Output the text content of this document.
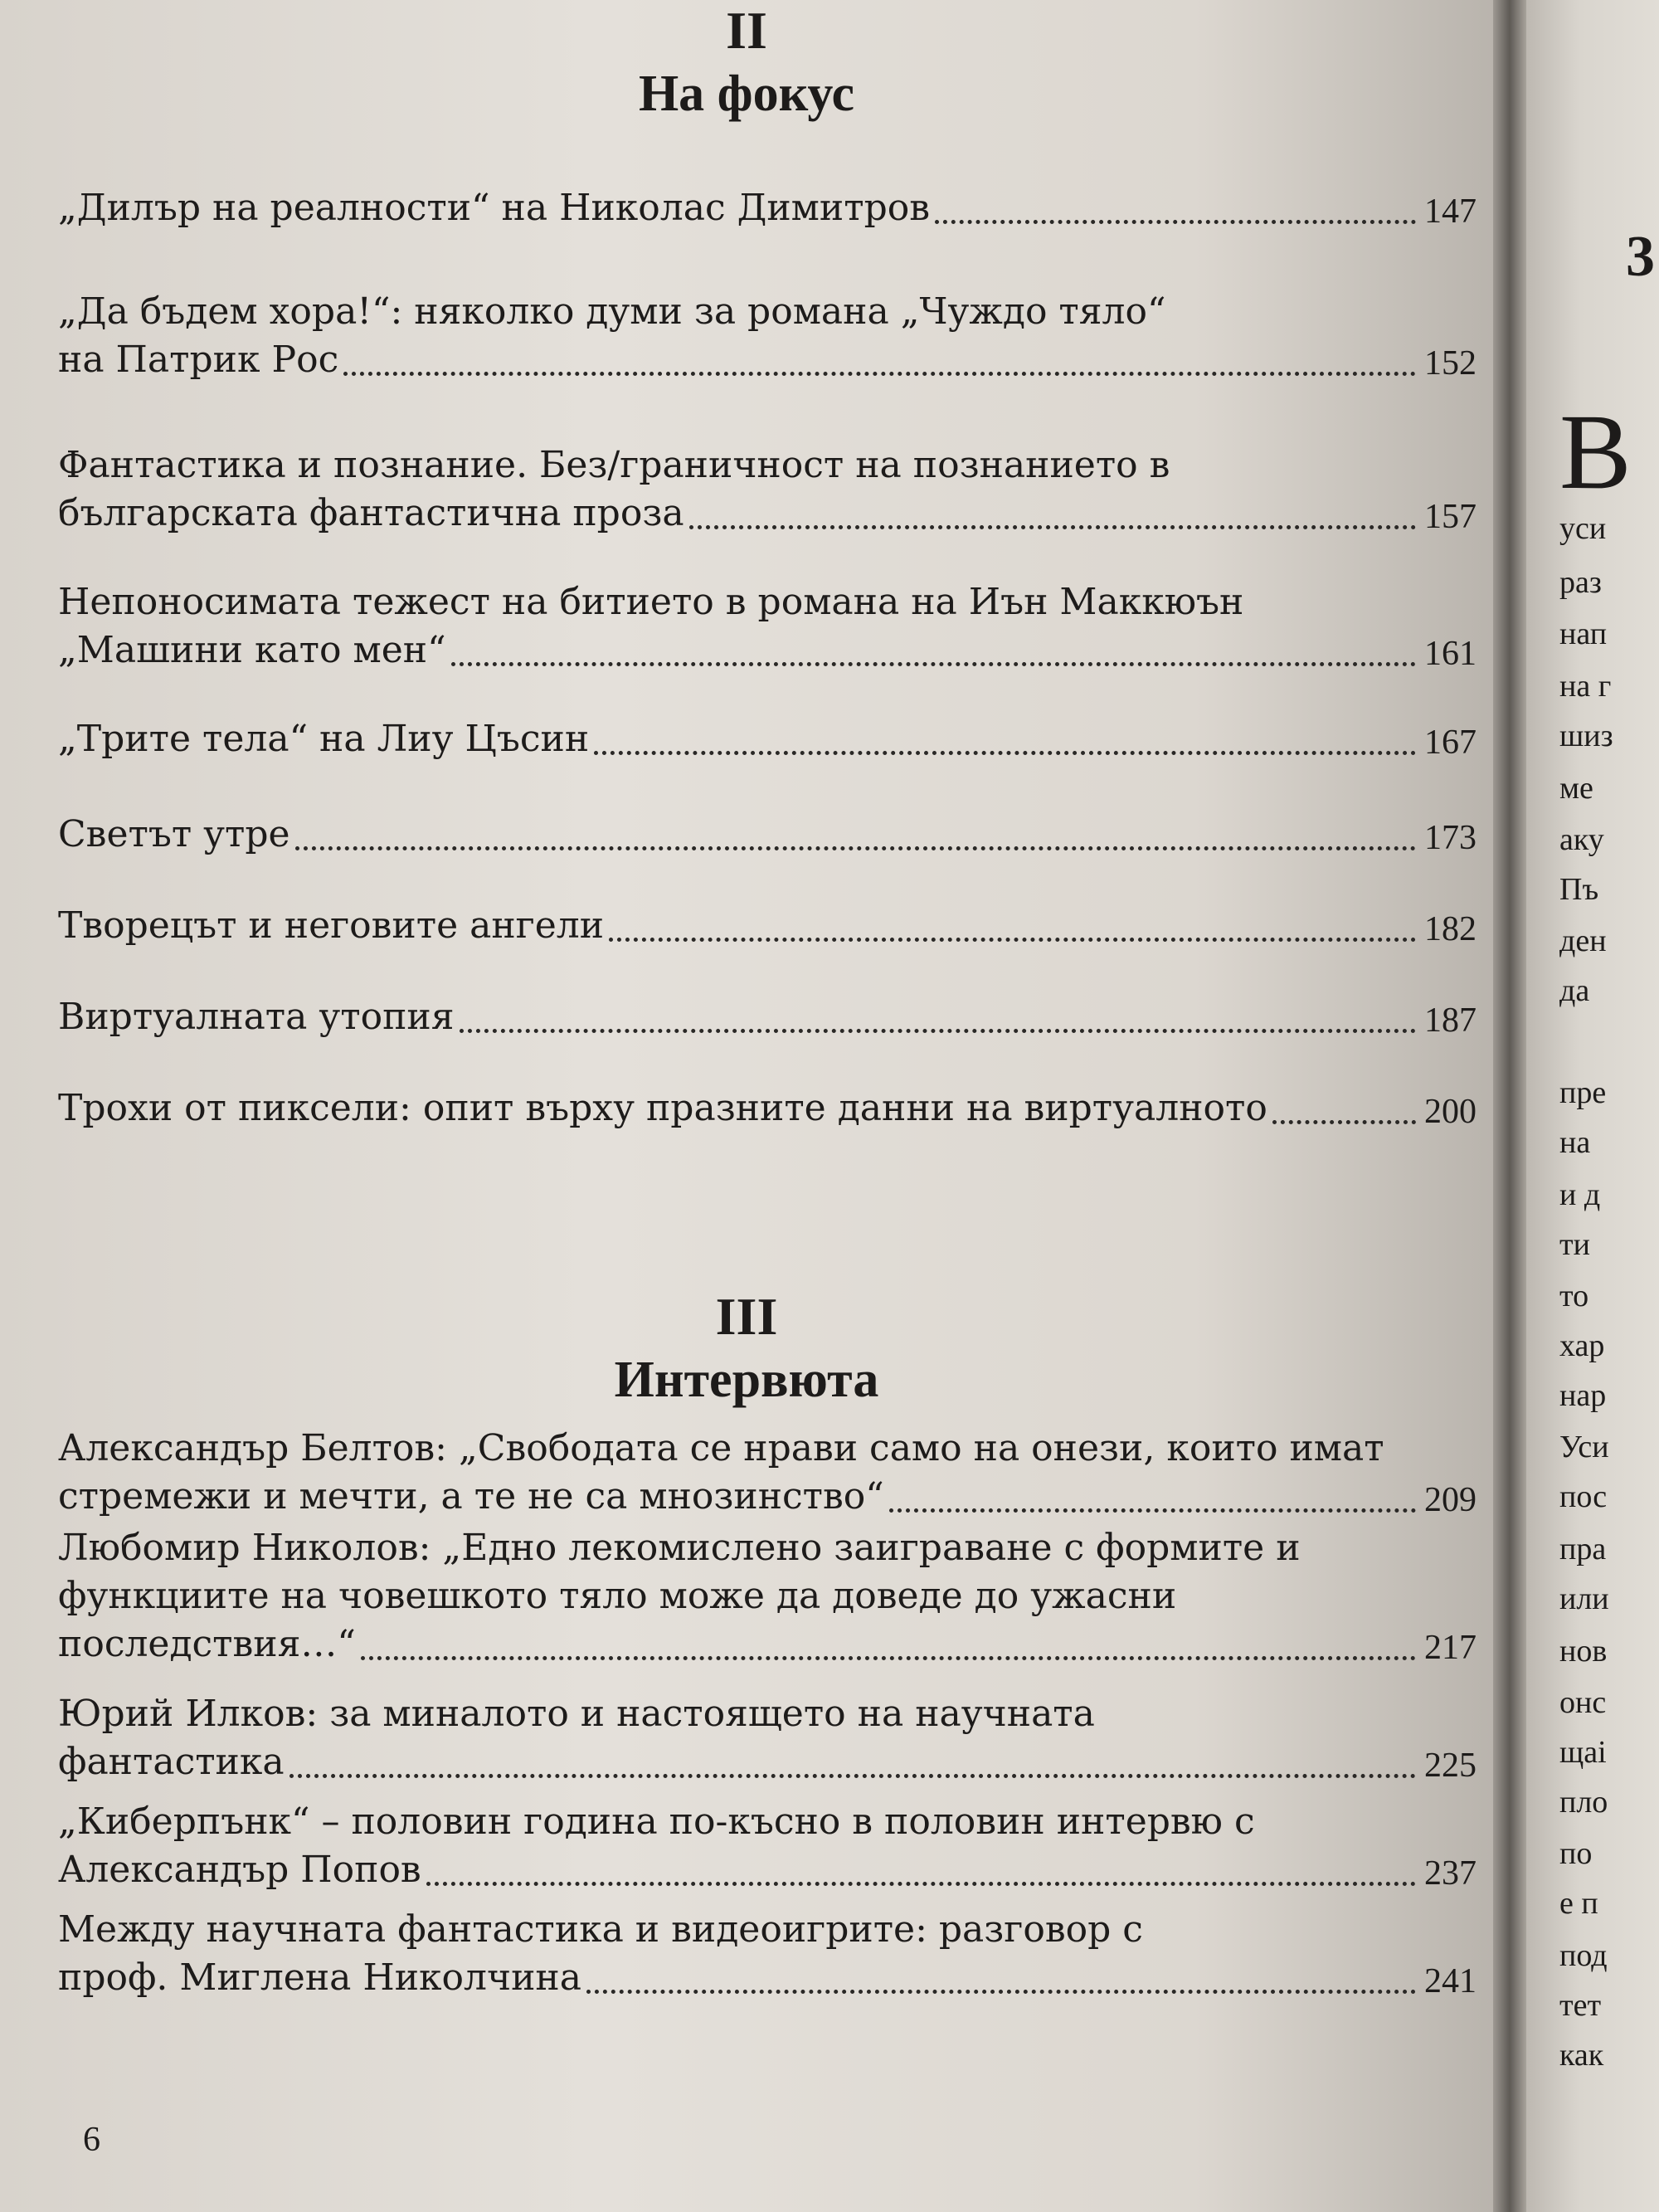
II
На фокус
„Дилър на реалности“ на Николас Димитров	147
„Да бъдем хора!“: няколко думи за романа „Чуждо тяло“
на Патрик Рос	152
Фантастика и познание. Без/граничност на познанието в
българската фантастична проза	157
Непоносимата тежест на битието в романа на Иън Маккюън
„Машини като мен“	161
„Трите тела“ на Лиу Цъсин	167
Светът утре	173
Творецът и неговите ангели	182
Виртуалната утопия	187
Трохи от пиксели: опит върху празните данни на виртуалното	200
III
Интервюта
Александър Белтов: „Свободата се нрави само на онези, които имат
стремежи и мечти, а те не са мнозинство“	209
Любомир Николов: „Едно лекомислено заиграване с формите и
функциите на човешкото тяло може да доведе до ужасни
последствия…“	217
Юрий Илков: за миналото и настоящето на научната
фантастика	225
„Киберпънк“ – половин година по-късно в половин интервю с
Александър Попов	237
Между научната фантастика и видеоигрите: разговор с
проф. Миглена Николчина	241
6
3
В
уси
раз
нап
на г
шиз
ме
аку
Пъ
ден
да
пре
на
и д
ти
то
хар
нар
Уси
пос
пра
или
нов
онс
щаі
пло
по
е п
под
тет
как
